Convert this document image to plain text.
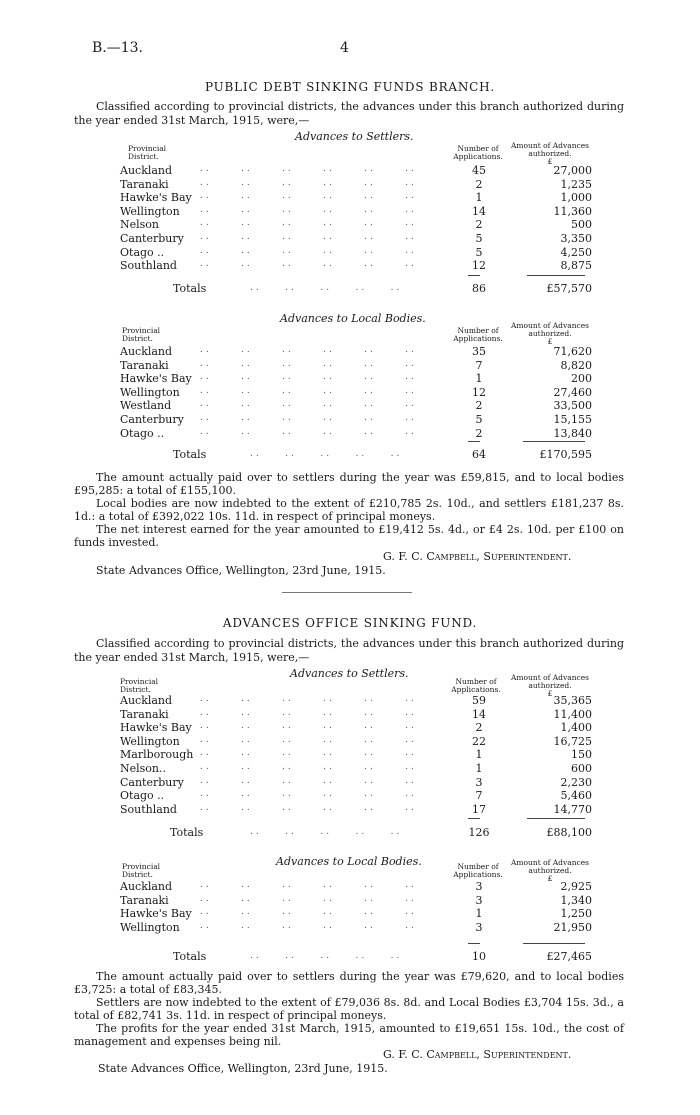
B.—13.	4
PUBLIC DEBT SINKING FUNDS BRANCH.
Classified according to provincial districts, the advances under this branch authorized during the year ended 31st March, 1915, were,—
Advances to Settlers.
Provincial District.
Number of Applications.
Amount of Advances authorized.
£
Auckland	..     ..     ..     ..     ..     ..	45	27,000
Taranaki	..     ..     ..     ..     ..     ..	2	1,235
Hawke's Bay ..     ..     ..     ..     ..     ..	1	1,000
Wellington ..     ..     ..     ..     ..     ..	14	11,360
Nelson	..     ..     ..     ..     ..     ..	2	500
Canterbury ..     ..     ..     ..     ..     ..	5	3,350
Otago ..	..     ..     ..     ..     ..     ..	5	4,250
Southland	..     ..     ..     ..     ..     ..	12	8,875
Totals	..    ..    ..    ..    ..	86	£57,570
Advances to Local Bodies.
Provincial District.
Number of Applications.
Amount of Advances authorized.
£
Auckland	..     ..     ..     ..     ..     ..	35	71,620
Taranaki	..     ..     ..     ..     ..     ..	7	8,820
Hawke's Bay ..     ..     ..     ..     ..     ..	1	200
Wellington ..     ..     ..     ..     ..     ..	12	27,460
Westland	..     ..     ..     ..     ..     ..	2	33,500
Canterbury ..     ..     ..     ..     ..     ..	5	15,155
Otago ..	..     ..     ..     ..     ..     ..	2	13,840
Totals	..    ..    ..    ..    ..	64	£170,595
The amount actually paid over to settlers during the year was £59,815, and to local bodies £95,285: a total of £155,100.
Local bodies are now indebted to the extent of £210,785 2s. 10d., and settlers £181,237 8s. 1d.: a total of £392,022 10s. 11d. in respect of principal moneys.
The net interest earned for the year amounted to £19,412 5s. 4d., or £4 2s. 10d. per £100 on funds invested.
G. F. C. Campbell, Superintendent.
State Advances Office, Wellington, 23rd June, 1915.
ADVANCES OFFICE SINKING FUND.
Classified according to provincial districts, the advances under this branch authorized during the year ended 31st March, 1915, were,—
Advances to Settlers.
Provincial District.
Number of Applications.
Amount of Advances authorized.
£
Auckland	..     ..     ..     ..     ..     ..	59	35,365
Taranaki	..     ..     ..     ..     ..     ..	14	11,400
Hawke's Bay ..     ..     ..     ..     ..     ..	2	1,400
Wellington ..     ..     ..     ..     ..     ..	22	16,725
Marlborough ..     ..     ..     ..     ..     ..	1	150
Nelson..	..     ..     ..     ..     ..     ..	1	600
Canterbury ..     ..     ..     ..     ..     ..	3	2,230
Otago ..	..     ..     ..     ..     ..     ..	7	5,460
Southland	..     ..     ..     ..     ..     ..	17	14,770
Totals	..    ..    ..    ..    ..	126	£88,100
Advances to Local Bodies.
Provincial District.
Number of Applications.
Amount of Advances authorized.
£
Auckland	..     ..     ..     ..     ..     ..	3	2,925
Taranaki	..     ..     ..     ..     ..     ..	3	1,340
Hawke's Bay ..     ..     ..     ..     ..     ..	1	1,250
Wellington ..     ..     ..     ..     ..     ..	3	21,950
Totals	..    ..    ..    ..    ..	10	£27,465
The amount actually paid over to settlers during the year was £79,620, and to local bodies £3,725: a total of £83,345.
Settlers are now indebted to the extent of £79,036 8s. 8d. and Local Bodies £3,704 15s. 3d., a total of £82,741 3s. 11d. in respect of principal moneys.
The profits for the year ended 31st March, 1915, amounted to £19,651 15s. 10d., the cost of management and expenses being nil.
G. F. C. Campbell, Superintendent.
State Advances Office, Wellington, 23rd June, 1915.
